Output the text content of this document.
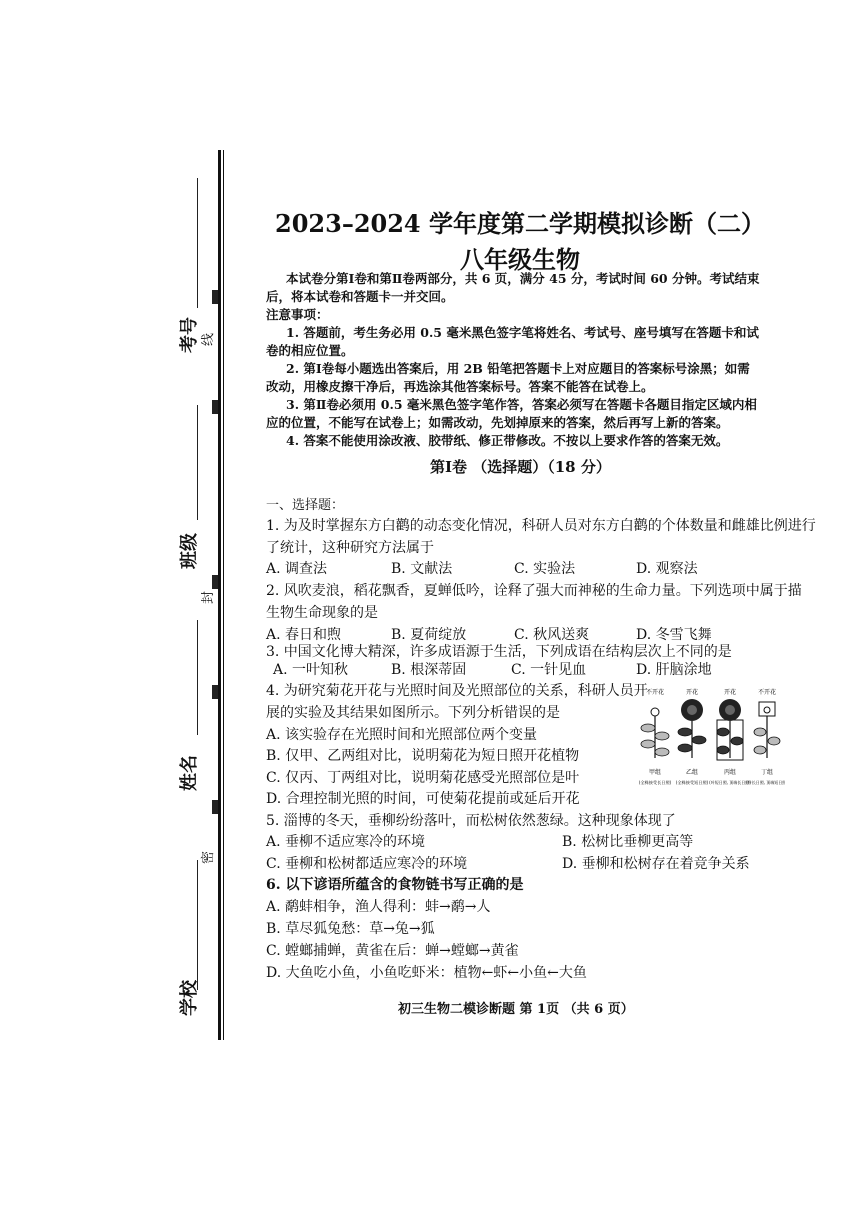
考号 线
班级
封
姓名
密
学校
2023–2024 学年度第二学期模拟诊断（二）
八年级生物
本试卷分第Ⅰ卷和第Ⅱ卷两部分，共 6 页，满分 45 分，考试时间 60 分钟。考试结束
后，将本试卷和答题卡一并交回。
注意事项：
1. 答题前，考生务必用 0.5 毫米黑色签字笔将姓名、考试号、座号填写在答题卡和试
卷的相应位置。
2. 第Ⅰ卷每小题选出答案后，用 2B 铅笔把答题卡上对应题目的答案标号涂黑；如需
改动，用橡皮擦干净后，再选涂其他答案标号。答案不能答在试卷上。
3. 第Ⅱ卷必须用 0.5 毫米黑色签字笔作答，答案必须写在答题卡各题目指定区域内相
应的位置，不能写在试卷上；如需改动，先划掉原来的答案，然后再写上新的答案。
4. 答案不能使用涂改液、胶带纸、修正带修改。不按以上要求作答的答案无效。
第Ⅰ卷 （选择题）（18 分）
一、选择题：
1. 为及时掌握东方白鹳的动态变化情况，科研人员对东方白鹳的个体数量和雌雄比例进行
了统计，这种研究方法属于
A. 调查法	B. 文献法	C. 实验法	D. 观察法
2. 风吹麦浪，稻花飘香，夏蝉低吟，诠释了强大而神秘的生命力量。下列选项中属于描
生物生命现象的是
A. 春日和煦	B. 夏荷绽放	C. 秋风送爽	D. 冬雪飞舞
3. 中国文化博大精深，许多成语源于生活，下列成语在结构层次上不同的是
A. 一叶知秋	B. 根深蒂固	C. 一针见血	D. 肝脑涂地
4. 为研究菊花开花与光照时间及光照部位的关系，科研人员开
展的实验及其结果如图所示。下列分析错误的是
A. 该实验存在光照时间和光照部位两个变量
B. 仅甲、乙两组对比，说明菊花为短日照开花植物
C. 仅丙、丁两组对比，说明菊花感受光照部位是叶
D. 合理控制光照的时间，可使菊花提前或延后开花
不开花	开花	开花	不开花
甲组	乙组	丙组	丁组
(全株接受长日照) (全株接受短日照) (叶短日照, 顶端长日照)
(叶长日照, 顶端短日照)
5. 淄博的冬天，垂柳纷纷落叶，而松树依然葱绿。这种现象体现了
A. 垂柳不适应寒冷的环境	B. 松树比垂柳更高等
C. 垂柳和松树都适应寒冷的环境	D. 垂柳和松树存在着竞争关系
6. 以下谚语所蕴含的食物链书写正确的是
A. 鹬蚌相争，渔人得利：蚌→鹬→人
B. 草尽狐兔愁：草→兔→狐
C. 螳螂捕蝉，黄雀在后：蝉→螳螂→黄雀
D. 大鱼吃小鱼，小鱼吃虾米：植物←虾←小鱼←大鱼
初三生物二模诊断题 第 1页 （共 6 页）
